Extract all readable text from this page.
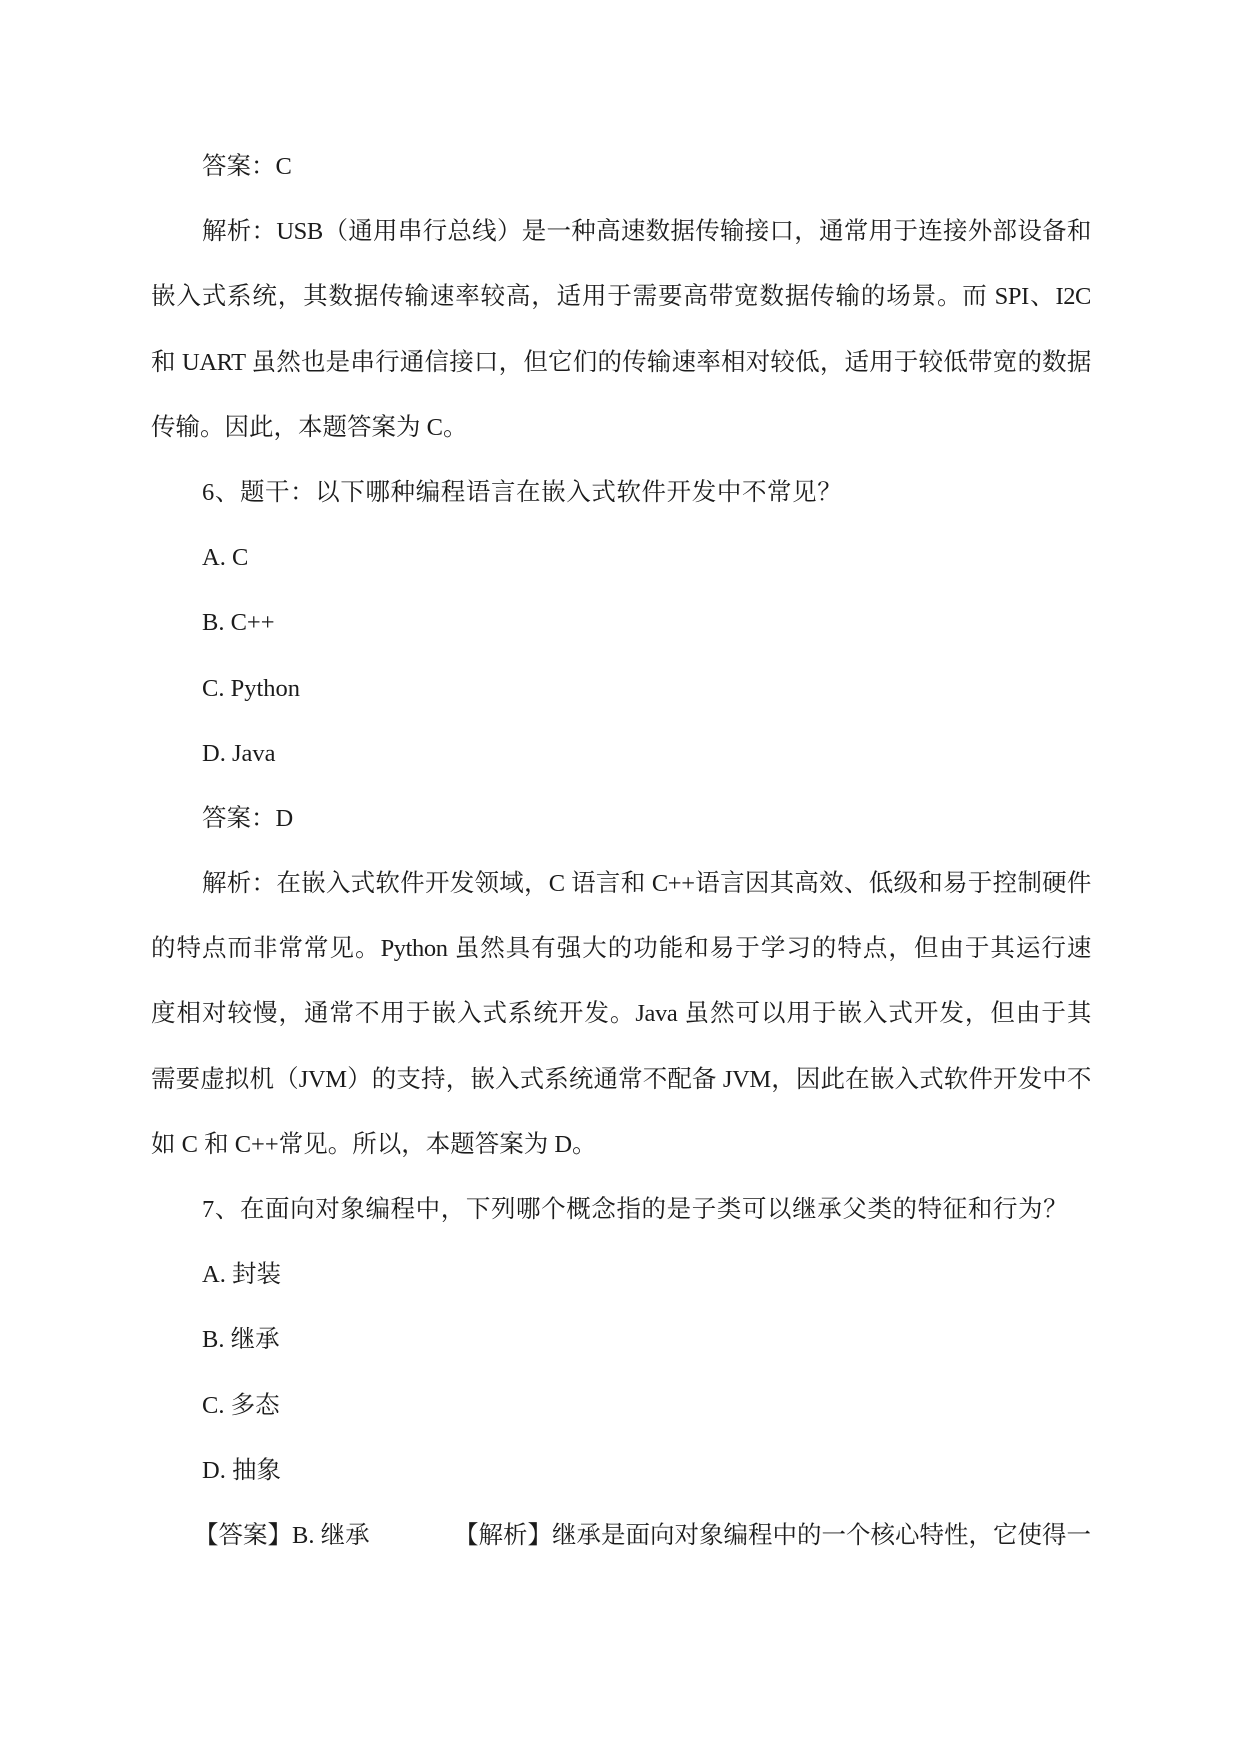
答案：C
解析：USB（通用串行总线）是一种高速数据传输接口，通常用于连接外部设备和
嵌入式系统，其数据传输速率较高，适用于需要高带宽数据传输的场景。而 SPI、I2C
和 UART 虽然也是串行通信接口，但它们的传输速率相对较低，适用于较低带宽的数据
传输。因此，本题答案为 C。
6、题干：以下哪种编程语言在嵌入式软件开发中不常见？
A. C
B. C++
C. Python
D. Java
答案：D
解析：在嵌入式软件开发领域，C 语言和 C++语言因其高效、低级和易于控制硬件
的特点而非常常见。Python 虽然具有强大的功能和易于学习的特点，但由于其运行速
度相对较慢，通常不用于嵌入式系统开发。Java 虽然可以用于嵌入式开发，但由于其
需要虚拟机（JVM）的支持，嵌入式系统通常不配备 JVM，因此在嵌入式软件开发中不
如 C 和 C++常见。所以，本题答案为 D。
7、在面向对象编程中，下列哪个概念指的是子类可以继承父类的特征和行为？
A. 封装
B. 继承
C. 多态
D. 抽象
【答案】B. 继承	【解析】继承是面向对象编程中的一个核心特性，它使得一
